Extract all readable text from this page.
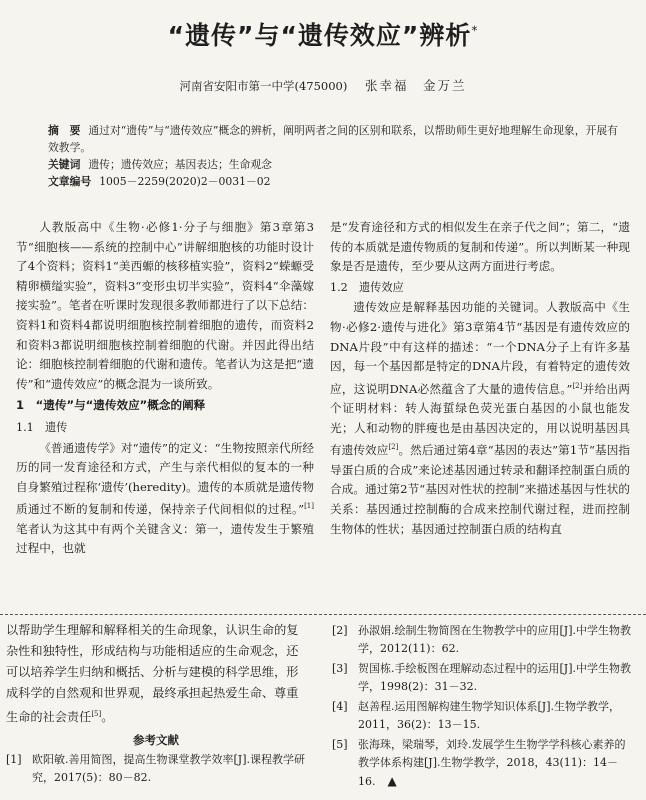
“遗传”与“遗传效应”辨析*
河南省安阳市第一中学(475000) 张幸福　金万兰
摘　要 通过对“遗传”与“遗传效应”概念的辨析，阐明两者之间的区别和联系，以帮助师生更好地理解生命现象，开展有效教学。
关键词 遗传；遗传效应；基因表达；生命观念
文章编号 1005－2259(2020)2－0031－02

人教版高中《生物·必修1·分子与细胞》第3章第3节“细胞核——系统的控制中心”讲解细胞核的功能时设计了4个资料；资料1“美西螈的核移植实验”，资料2“蝾螈受精卵横缢实验”，资料3“变形虫切半实验”，资料4“伞藻嫁接实验”。笔者在听课时发现很多教师都进行了以下总结：资料1和资料4都说明细胞核控制着细胞的遗传，而资料2和资料3都说明细胞核控制着细胞的代谢。并因此得出结论：细胞核控制着细胞的代谢和遗传。笔者认为这是把“遗传”和“遗传效应”的概念混为一谈所致。

1　“遗传”与“遗传效应”概念的阐释
1.1　遗传

《普通遗传学》对“遗传”的定义：“生物按照亲代所经历的同一发育途径和方式，产生与亲代相似的复本的一种自身繁殖过程称‘遗传’(heredity)。遗传的本质就是遗传物质通过不断的复制和传递，保持亲子代间相似的过程。”[1]笔者认为这其中有两个关键含义：第一，遗传发生于繁殖过程中，也就

是“发育途径和方式的相似发生在亲子代之间”；第二，“遗传的本质就是遗传物质的复制和传递”。所以判断某一种现象是否是遗传，至少要从这两方面进行考虑。

1.2　遗传效应

遗传效应是解释基因功能的关键词。人教版高中《生物·必修2·遗传与进化》第3章第4节“基因是有遗传效应的DNA片段”中有这样的描述：“一个DNA分子上有许多基因，每一个基因都是特定的DNA片段，有着特定的遗传效应，这说明DNA必然蕴含了大量的遗传信息。”[2]并给出两个证明材料：转人海蜇绿色荧光蛋白基因的小鼠也能发光；人和动物的胖瘦也是由基因决定的，用以说明基因具有遗传效应[2]。然后通过第4章“基因的表达”第1节“基因指导蛋白质的合成”来论述基因通过转录和翻译控制蛋白质的合成。通过第2节“基因对性状的控制”来描述基因与性状的关系：基因通过控制酶的合成来控制代谢过程，进而控制生物体的性状；基因通过控制蛋白质的结构直

以帮助学生理解和解释相关的生命现象，认识生命的复杂性和独特性，形成结构与功能相适应的生命观念，还可以培养学生归纳和概括、分析与建模的科学思维，形成科学的自然观和世界观，最终承担起热爱生命、尊重生命的社会责任[5]。

参考文献
[1] 欧阳敏.善用简图，提高生物课堂教学效率[J].课程教学研究，2017(5)：80－82.
[2] 孙淑娟.绘制生物简图在生物教学中的应用[J].中学生物教学，2012(11)：62.
[3] 贺国栋.手绘板图在理解动态过程中的运用[J].中学生物教学，1998(2)：31－32.
[4] 赵善程.运用图解构建生物学知识体系[J].生物学教学，2011，36(2)：13－15.
[5] 张海珠，梁瑞琴，刘玲.发展学生生物学学科核心素养的教学体系构建[J].生物学教学，2018，43(11)：14－16. ▲
